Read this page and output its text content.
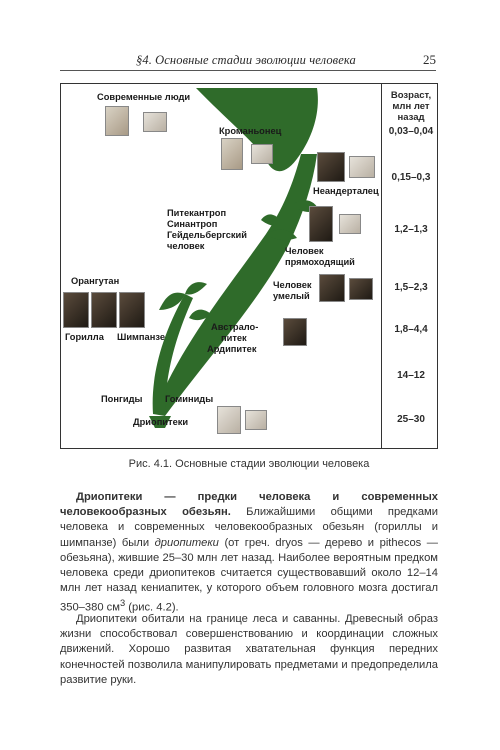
§4. Основные стадии эволюции человека	25
Современные люди
Кроманьонец
Неандерталец
Питекантроп
Синантроп
Гейдельбергский
человек	Человек
прямоходящий
Человек
умелый
Орангутан
Горилла Шимпанзе
Австрало-
питек
Ардипитек
Понгиды Гоминиды
Дриопитеки
Возраст,
млн лет
назад
0,03–0,04
0,15–0,3
1,2–1,3
1,5–2,3
1,8–4,4
14–12
25–30
Рис. 4.1. Основные стадии эволюции человека

Дриопитеки — предки человека и современных человекообразных обезьян. Ближайшими общими предками человека и современных человекообразных обезьян (гориллы и шимпанзе) были дриопитеки (от греч. dryos — дерево и pithecos — обезьяна), жившие 25–30 млн лет назад. Наиболее вероятным предком человека среди дриопитеков считается существовавший около 12–14 млн лет назад кениапитек, у которого объем головного мозга достигал 350–380 $см^3$ (рис. 4.2).

Дриопитеки обитали на границе леса и саванны. Древесный образ жизни способствовал совершенствованию и координации сложных движений. Хорошо развитая хватательная функция передних конечностей позволила манипулировать предметами и предопределила развитие руки.
